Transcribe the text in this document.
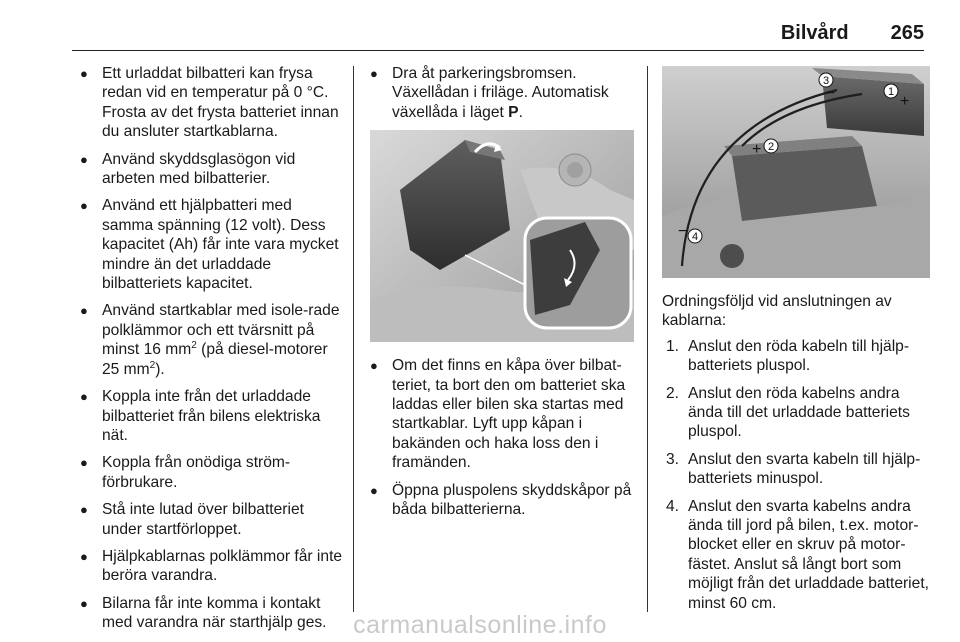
Bilvård 265
● Ett urladdat bilbatteri kan frysa redan vid en temperatur på 0 °C. Frosta av det frysta batteriet innan du ansluter startkablarna.
● Använd skyddsglasögon vid arbeten med bilbatterier.
● Använd ett hjälpbatteri med samma spänning (12 volt). Dess kapacitet (Ah) får inte vara mycket mindre än det urladdade bilbatteriets kapacitet.
● Använd startkablar med isole-rade polklämmor och ett tvärsnitt på minst 16 $mm^2$ (på diesel-motorer 25 $mm^2$).
● Koppla inte från det urladdade bilbatteriet från bilens elektriska nät.
● Koppla från onödiga ström-förbrukare.
● Stå inte lutad över bilbatteriet under startförloppet.
● Hjälpkablarnas polklämmor får inte beröra varandra.
● Bilarna får inte komma i kontakt med varandra när starthjälp ges.
● Dra åt parkeringsbromsen. Växellådan i friläge. Automatisk växellåda i läget P.
● Om det finns en kåpa över bilbat-teriet, ta bort den om batteriet ska laddas eller bilen ska startas med startkablar. Lyft upp kåpan i bakänden och haka loss den i framänden.
● Öppna pluspolens skyddskåpor på båda bilbatterierna.
1
2
3
4
+
+
−
−

Ordningsföljd vid anslutningen av kablarna:

1. Anslut den röda kabeln till hjälp-batteriets pluspol.
2. Anslut den röda kabelns andra ända till det urladdade batteriets pluspol.
3. Anslut den svarta kabeln till hjälp-batteriets minuspol.
4. Anslut den svarta kabelns andra ända till jord på bilen, t.ex. motor-blocket eller en skruv på motor-fästet. Anslut så långt bort som möjligt från det urladdade batteriet, minst 60 cm.
carmanualsonline.info
